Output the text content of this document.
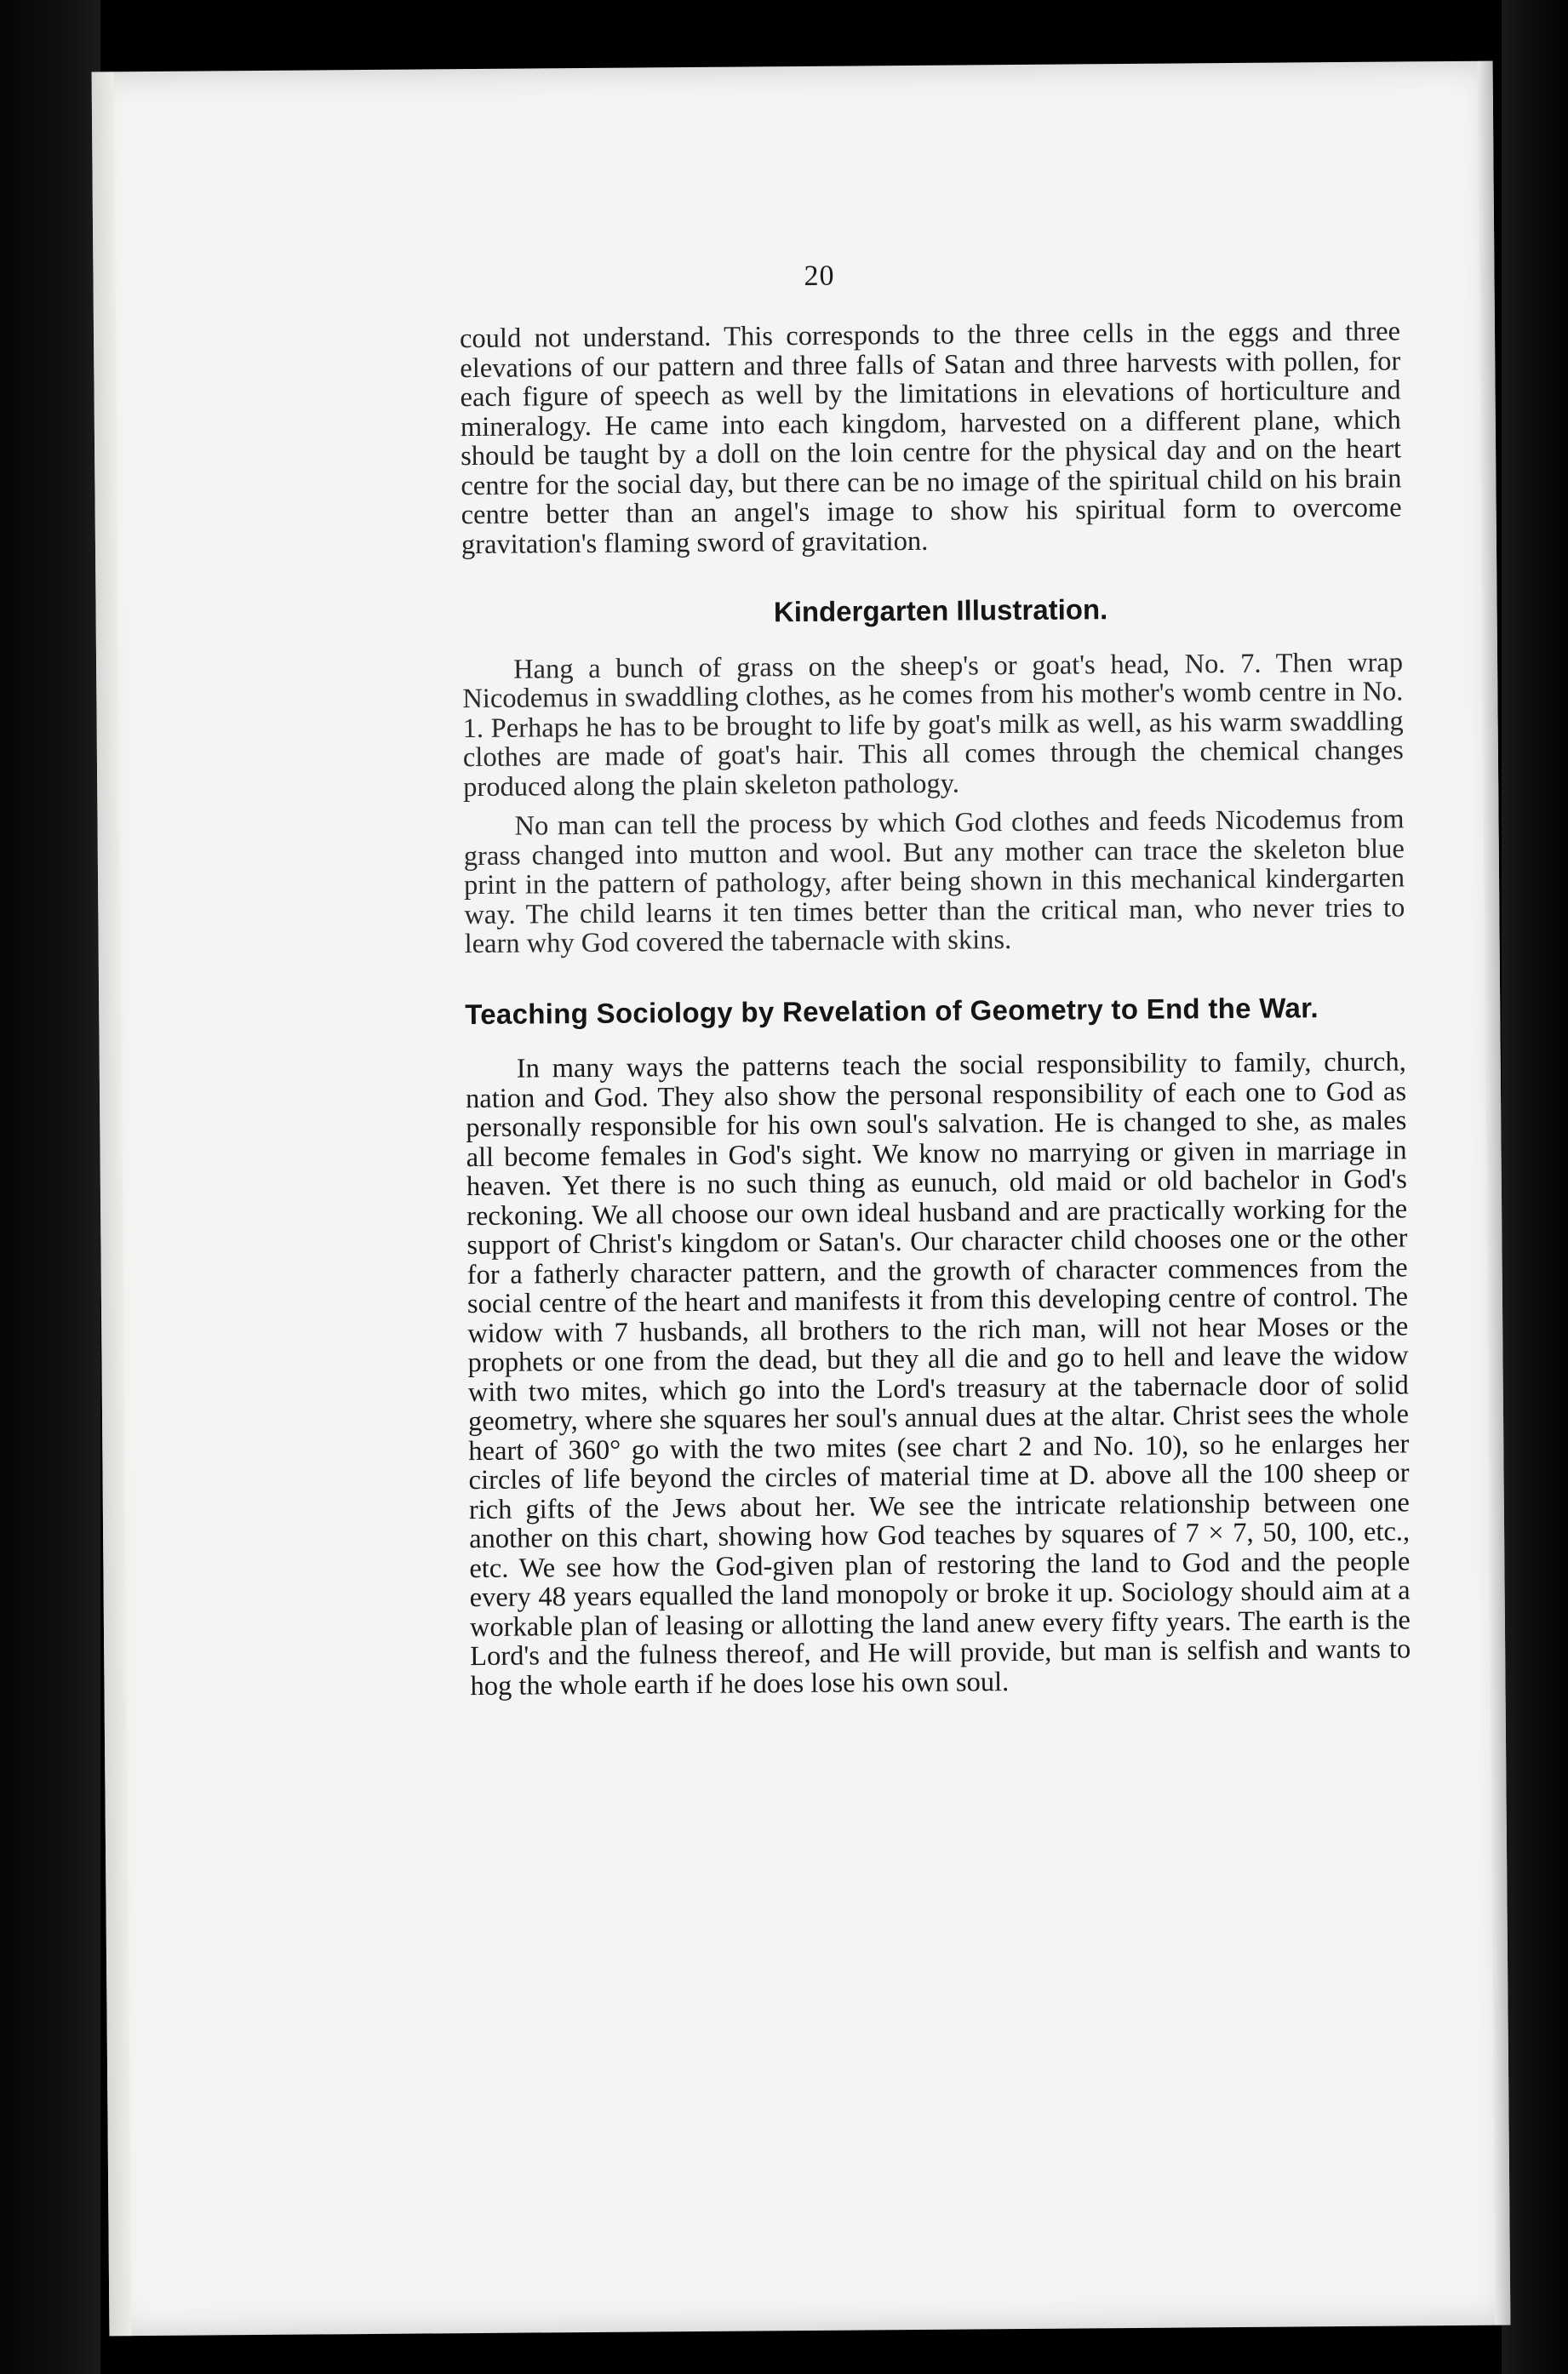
20

could not understand. This corresponds to the three cells in the eggs and three elevations of our pattern and three falls of Satan and three harvests with pollen, for each figure of speech as well by the limitations in elevations of horticulture and mineralogy. He came into each kingdom, harvested on a different plane, which should be taught by a doll on the loin centre for the physical day and on the heart centre for the social day, but there can be no image of the spiritual child on his brain centre better than an angel's image to show his spiritual form to overcome gravitation's flaming sword of gravitation.

Kindergarten Illustration.

Hang a bunch of grass on the sheep's or goat's head, No. 7. Then wrap Nicodemus in swaddling clothes, as he comes from his mother's womb centre in No. 1. Perhaps he has to be brought to life by goat's milk as well, as his warm swaddling clothes are made of goat's hair. This all comes through the chemical changes produced along the plain skeleton pathology.

No man can tell the process by which God clothes and feeds Nicodemus from grass changed into mutton and wool. But any mother can trace the skeleton blue print in the pattern of pathology, after being shown in this mechanical kindergarten way. The child learns it ten times better than the critical man, who never tries to learn why God covered the tabernacle with skins.

Teaching Sociology by Revelation of Geometry to End the War.

In many ways the patterns teach the social responsibility to family, church, nation and God. They also show the personal responsibility of each one to God as personally responsible for his own soul's salvation. He is changed to she, as males all become females in God's sight. We know no marrying or given in marriage in heaven. Yet there is no such thing as eunuch, old maid or old bachelor in God's reckoning. We all choose our own ideal husband and are practically working for the support of Christ's kingdom or Satan's. Our character child chooses one or the other for a fatherly character pattern, and the growth of character commences from the social centre of the heart and manifests it from this developing centre of control. The widow with 7 husbands, all brothers to the rich man, will not hear Moses or the prophets or one from the dead, but they all die and go to hell and leave the widow with two mites, which go into the Lord's treasury at the tabernacle door of solid geometry, where she squares her soul's annual dues at the altar. Christ sees the whole heart of 360° go with the two mites (see chart 2 and No. 10), so he enlarges her circles of life beyond the circles of material time at D. above all the 100 sheep or rich gifts of the Jews about her. We see the intricate relationship between one another on this chart, showing how God teaches by squares of 7 × 7, 50, 100, etc., etc. We see how the God-given plan of restoring the land to God and the people every 48 years equalled the land monopoly or broke it up. Sociology should aim at a workable plan of leasing or allotting the land anew every fifty years. The earth is the Lord's and the fulness thereof, and He will provide, but man is selfish and wants to hog the whole earth if he does lose his own soul.
